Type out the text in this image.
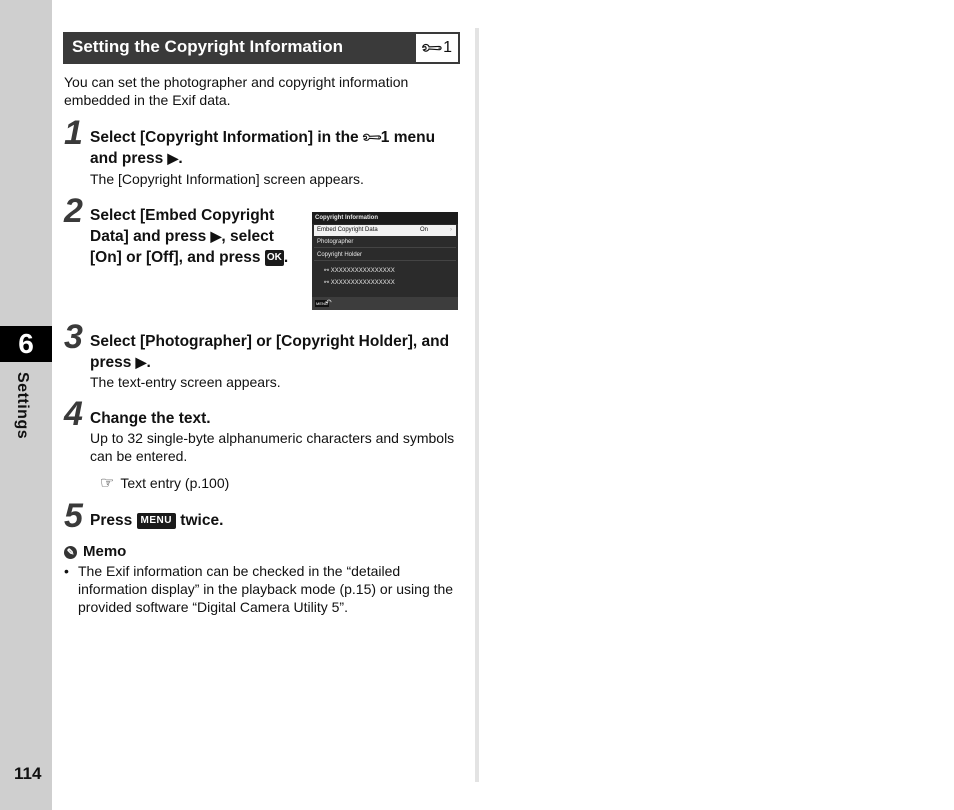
6
Settings
114
Setting the Copyright Information	🔧︎
1
You can set the photographer and copyright information embedded in the Exif data.
1 Select [Copyright Information] in the 🔧︎1 menu and press ▶.
The [Copyright Information] screen appears.
2 Select [Embed Copyright Data] and press ▶, select [On] or [Off], and press OK .
Copyright Information
Embed Copyright Data	On	›
Photographer
Copyright Holder
⚯ XXXXXXXXXXXXXXXX
⚯ XXXXXXXXXXXXXXXX
MENU
↶
3 Select [Photographer] or [Copyright Holder], and press ▶.
The text-entry screen appears.
4 Change the text.
Up to 32 single-byte alphanumeric characters and symbols can be entered.
☞ Text entry (p.100)
5 Press MENU twice.
✎ Memo
• The Exif information can be checked in the “detailed information display” in the playback mode (p.15) or using the provided software “Digital Camera Utility 5”.
